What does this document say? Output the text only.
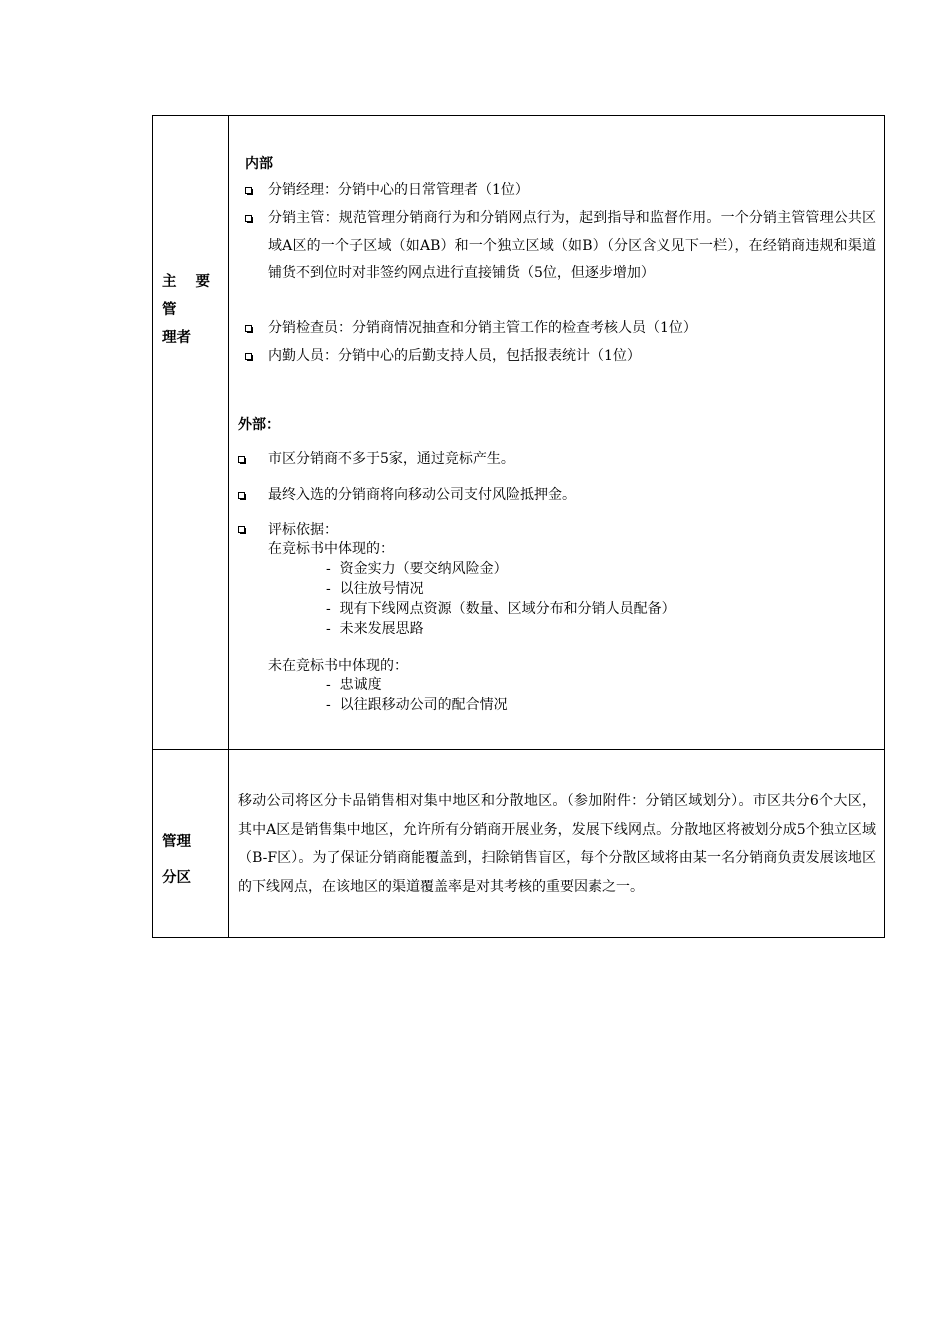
主 要 管
理者
内部
分销经理：分销中心的日常管理者（1位）
分销主管：规范管理分销商行为和分销网点行为，起到指导和监督作用。一个分销主管管理公共区域A区的一个子区域（如AB）和一个独立区域（如B）（分区含义见下一栏），在经销商违规和渠道铺货不到位时对非签约网点进行直接铺货（5位，但逐步增加）
分销检查员：分销商情况抽查和分销主管工作的检查考核人员（1位）
内勤人员：分销中心的后勤支持人员，包括报表统计（1位）
外部：
市区分销商不多于5家，通过竞标产生。
最终入选的分销商将向移动公司支付风险抵押金。
评标依据：
在竞标书中体现的：
- 资金实力（要交纳风险金）
- 以往放号情况
- 现有下线网点资源（数量、区域分布和分销人员配备）
- 未来发展思路
未在竞标书中体现的：
- 忠诚度
- 以往跟移动公司的配合情况
管理
分区
移动公司将区分卡品销售相对集中地区和分散地区。（参加附件：分销区域划分）。市区共分6个大区，其中A区是销售集中地区，允许所有分销商开展业务，发展下线网点。分散地区将被划分成5个独立区域（B-F区）。为了保证分销商能覆盖到，扫除销售盲区，每个分散区域将由某一名分销商负责发展该地区的下线网点，在该地区的渠道覆盖率是对其考核的重要因素之一。
